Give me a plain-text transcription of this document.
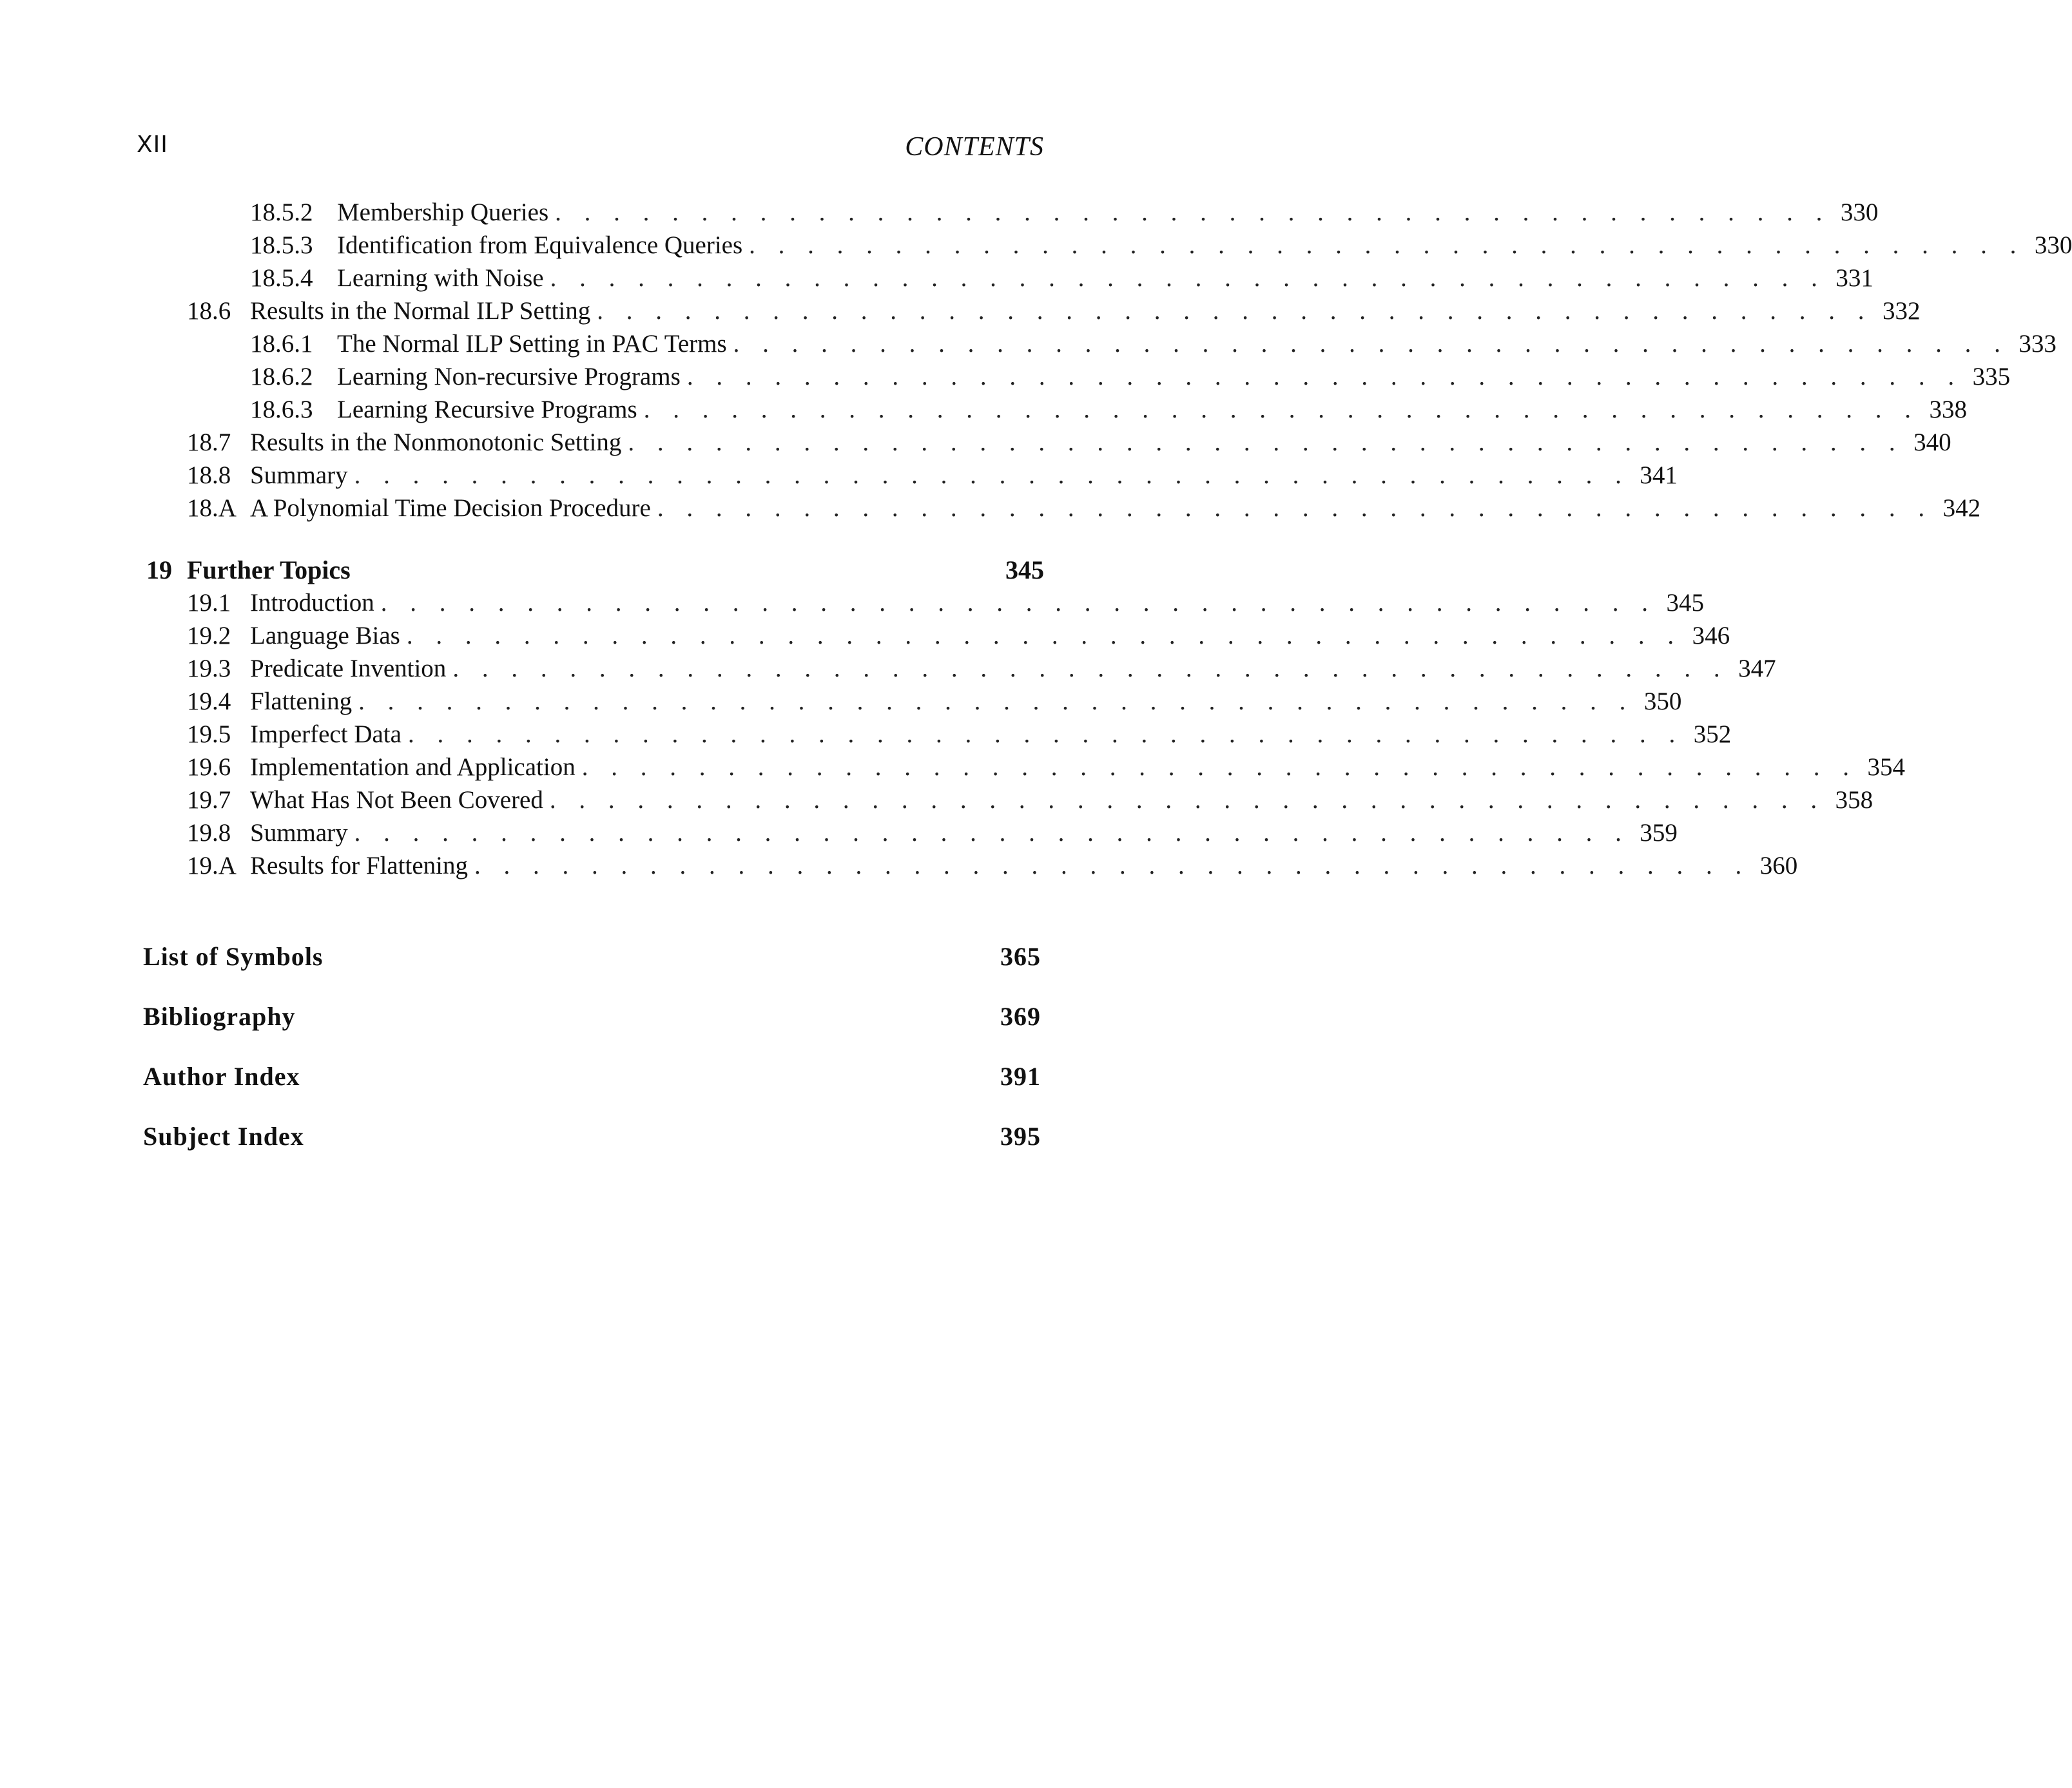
XII	CONTENTS
18.5.2 Membership Queries . . . . . . . . . . . . . . . . . . . . . . . . . . . . . . . . . . . . . . . . . . . . 330
18.5.3 Identification from Equivalence Queries . . . . . . . . . . . . . . . . . . . . . . . . . . . . . . . . . . . . . . . . . . . . 330
18.5.4 Learning with Noise . . . . . . . . . . . . . . . . . . . . . . . . . . . . . . . . . . . . . . . . . . . . 331
18.6 Results in the Normal ILP Setting . . . . . . . . . . . . . . . . . . . . . . . . . . . . . . . . . . . . . . . . . . . . 332
18.6.1 The Normal ILP Setting in PAC Terms . . . . . . . . . . . . . . . . . . . . . . . . . . . . . . . . . . . . . . . . . . . . 333
18.6.2 Learning Non-recursive Programs . . . . . . . . . . . . . . . . . . . . . . . . . . . . . . . . . . . . . . . . . . . . 335
18.6.3 Learning Recursive Programs . . . . . . . . . . . . . . . . . . . . . . . . . . . . . . . . . . . . . . . . . . . . 338
18.7 Results in the Nonmonotonic Setting . . . . . . . . . . . . . . . . . . . . . . . . . . . . . . . . . . . . . . . . . . . . 340
18.8 Summary . . . . . . . . . . . . . . . . . . . . . . . . . . . . . . . . . . . . . . . . . . . . 341
18.A A Polynomial Time Decision Procedure . . . . . . . . . . . . . . . . . . . . . . . . . . . . . . . . . . . . . . . . . . . . 342
19 Further Topics	345
19.1 Introduction . . . . . . . . . . . . . . . . . . . . . . . . . . . . . . . . . . . . . . . . . . . . 345
19.2 Language Bias . . . . . . . . . . . . . . . . . . . . . . . . . . . . . . . . . . . . . . . . . . . . 346
19.3 Predicate Invention . . . . . . . . . . . . . . . . . . . . . . . . . . . . . . . . . . . . . . . . . . . . 347
19.4 Flattening . . . . . . . . . . . . . . . . . . . . . . . . . . . . . . . . . . . . . . . . . . . . 350
19.5 Imperfect Data . . . . . . . . . . . . . . . . . . . . . . . . . . . . . . . . . . . . . . . . . . . . 352
19.6 Implementation and Application . . . . . . . . . . . . . . . . . . . . . . . . . . . . . . . . . . . . . . . . . . . . 354
19.7 What Has Not Been Covered . . . . . . . . . . . . . . . . . . . . . . . . . . . . . . . . . . . . . . . . . . . . 358
19.8 Summary . . . . . . . . . . . . . . . . . . . . . . . . . . . . . . . . . . . . . . . . . . . . 359
19.A Results for Flattening . . . . . . . . . . . . . . . . . . . . . . . . . . . . . . . . . . . . . . . . . . . . 360
List of Symbols	365
Bibliography	369
Author Index	391
Subject Index	395
